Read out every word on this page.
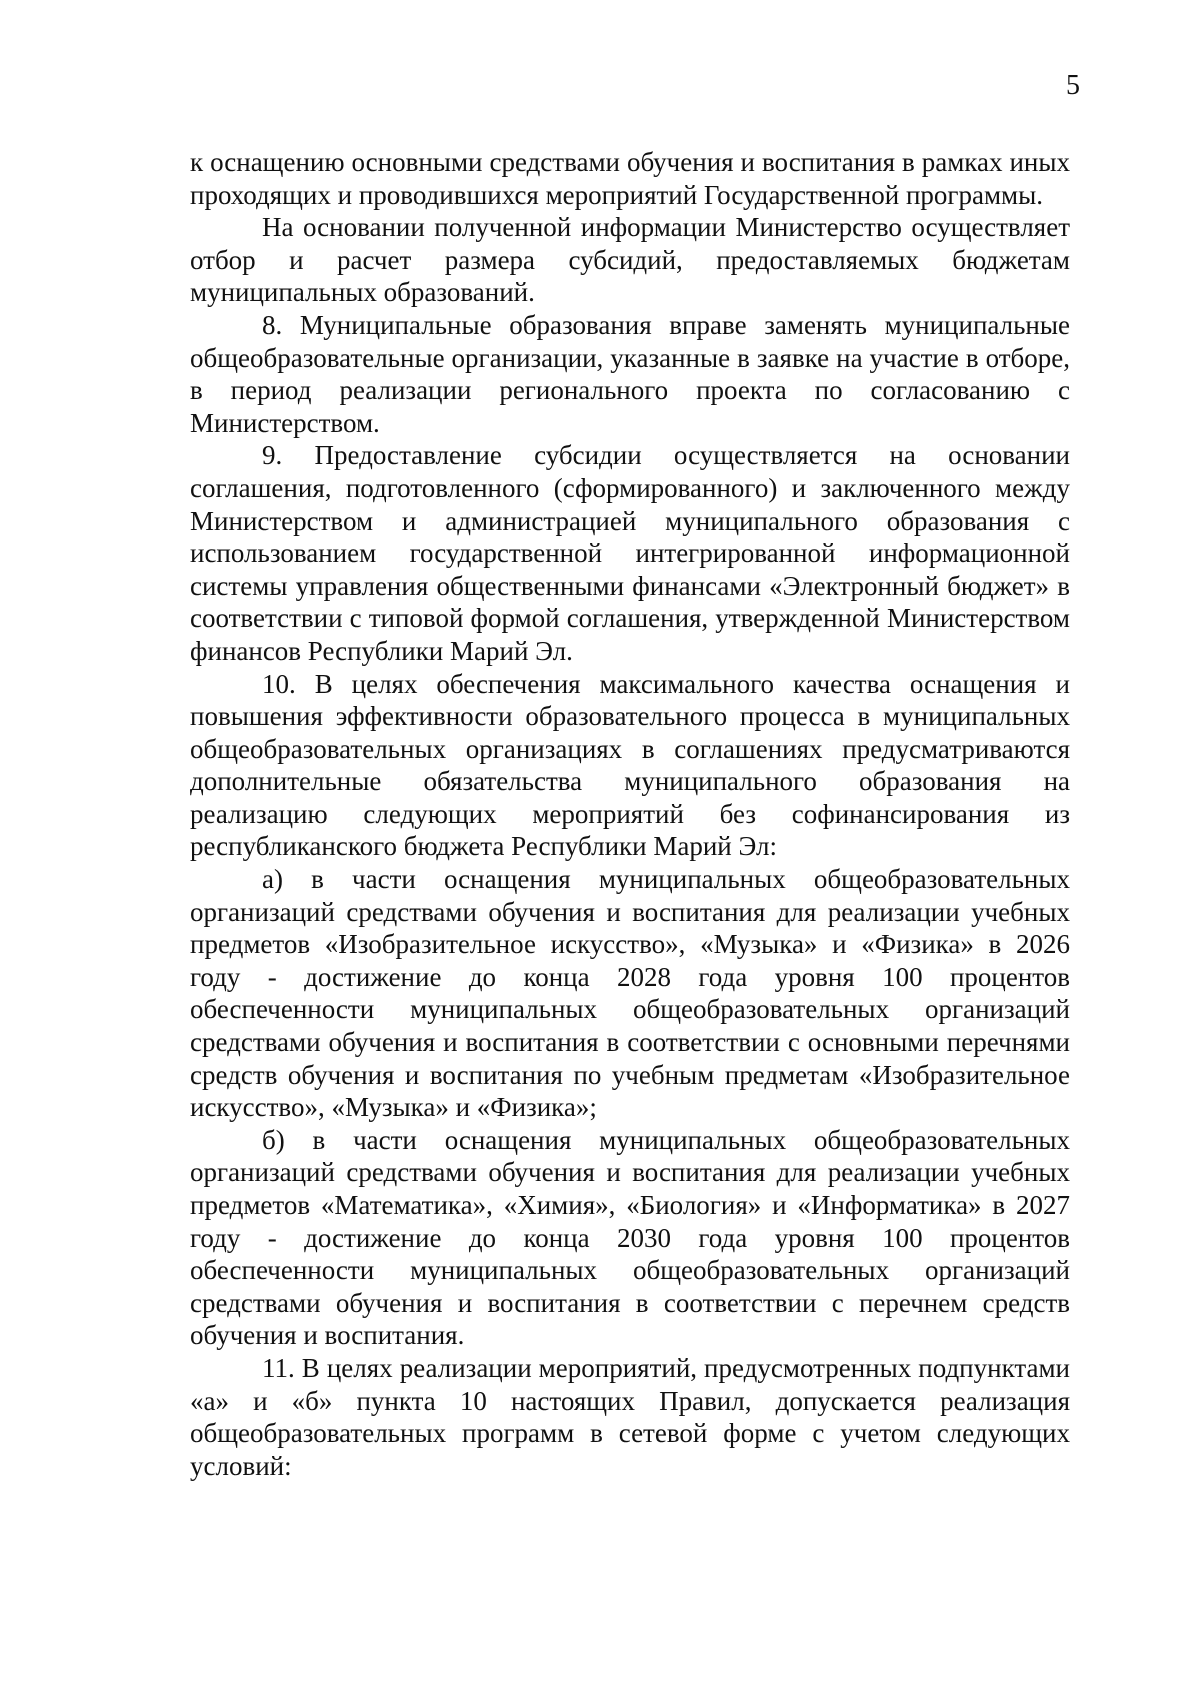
5

к оснащению основными средствами обучения и воспитания в рамках иных проходящих и проводившихся мероприятий Государственной программы.

На основании полученной информации Министерство осуществляет отбор и расчет размера субсидий, предоставляемых бюджетам муниципальных образований.

8. Муниципальные образования вправе заменять муниципальные общеобразовательные организации, указанные в заявке на участие в отборе, в период реализации регионального проекта по согласованию с Министерством.

9. Предоставление субсидии осуществляется на основании соглашения, подготовленного (сформированного) и заключенного между Министерством и администрацией муниципального образования с использованием государственной интегрированной информационной системы управления общественными финансами «Электронный бюджет» в соответствии с типовой формой соглашения, утвержденной Министерством финансов Республики Марий Эл.

10. В целях обеспечения максимального качества оснащения и повышения эффективности образовательного процесса в муниципальных общеобразовательных организациях в соглашениях предусматриваются дополнительные обязательства муниципального образования на реализацию следующих мероприятий без софинансирования из республиканского бюджета Республики Марий Эл:

а) в части оснащения муниципальных общеобразовательных организаций средствами обучения и воспитания для реализации учебных предметов «Изобразительное искусство», «Музыка» и «Физика» в 2026 году - достижение до конца 2028 года уровня 100 процентов обеспеченности муниципальных общеобразовательных организаций средствами обучения и воспитания в соответствии с основными перечнями средств обучения и воспитания по учебным предметам «Изобразительное искусство», «Музыка» и «Физика»;

б) в части оснащения муниципальных общеобразовательных организаций средствами обучения и воспитания для реализации учебных предметов «Математика», «Химия», «Биология» и «Информатика» в 2027 году - достижение до конца 2030 года уровня 100 процентов обеспеченности муниципальных общеобразовательных организаций средствами обучения и воспитания в соответствии с перечнем средств обучения и воспитания.

11. В целях реализации мероприятий, предусмотренных подпунктами «а» и «б» пункта 10 настоящих Правил, допускается реализация общеобразовательных программ в сетевой форме с учетом следующих условий:
